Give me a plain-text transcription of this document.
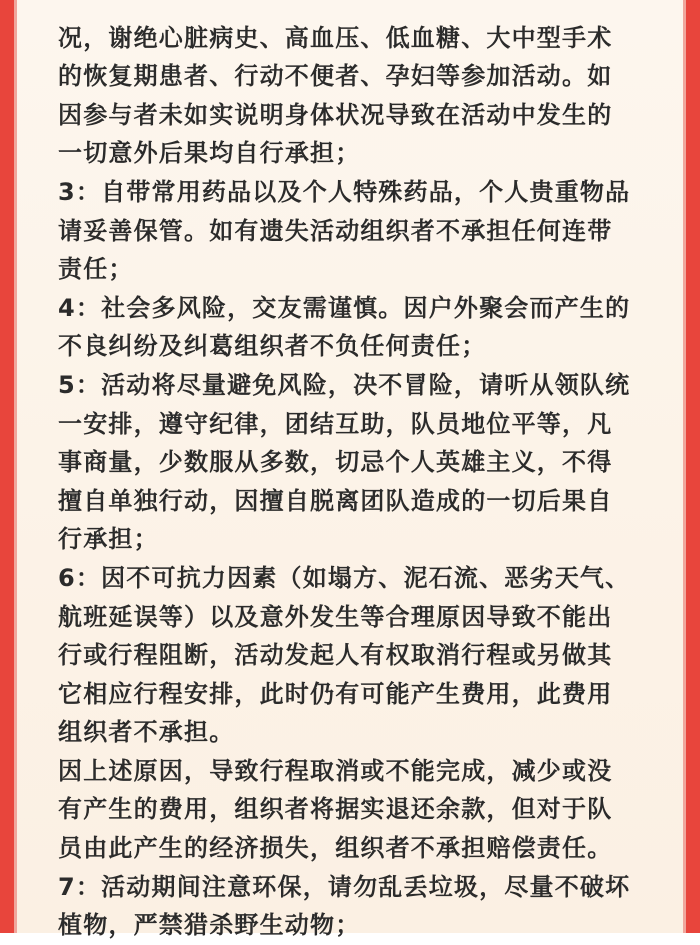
况，谢绝心脏病史、高血压、低血糖、大中型手术
的恢复期患者、行动不便者、孕妇等参加活动。如
因参与者未如实说明身体状况导致在活动中发生的
一切意外后果均自行承担；
3：自带常用药品以及个人特殊药品，个人贵重物品
请妥善保管。如有遗失活动组织者不承担任何连带
责任；
4：社会多风险，交友需谨慎。因户外聚会而产生的
不良纠纷及纠葛组织者不负任何责任；
5：活动将尽量避免风险，决不冒险，请听从领队统
一安排，遵守纪律，团结互助，队员地位平等，凡
事商量，少数服从多数，切忌个人英雄主义，不得
擅自单独行动，因擅自脱离团队造成的一切后果自
行承担；
6：因不可抗力因素（如塌方、泥石流、恶劣天气、
航班延误等）以及意外发生等合理原因导致不能出
行或行程阻断，活动发起人有权取消行程或另做其
它相应行程安排，此时仍有可能产生费用，此费用
组织者不承担。
因上述原因，导致行程取消或不能完成，减少或没
有产生的费用，组织者将据实退还余款，但对于队
员由此产生的经济损失，组织者不承担赔偿责任。
7：活动期间注意环保，请勿乱丢垃圾，尽量不破坏
植物，严禁猎杀野生动物；
